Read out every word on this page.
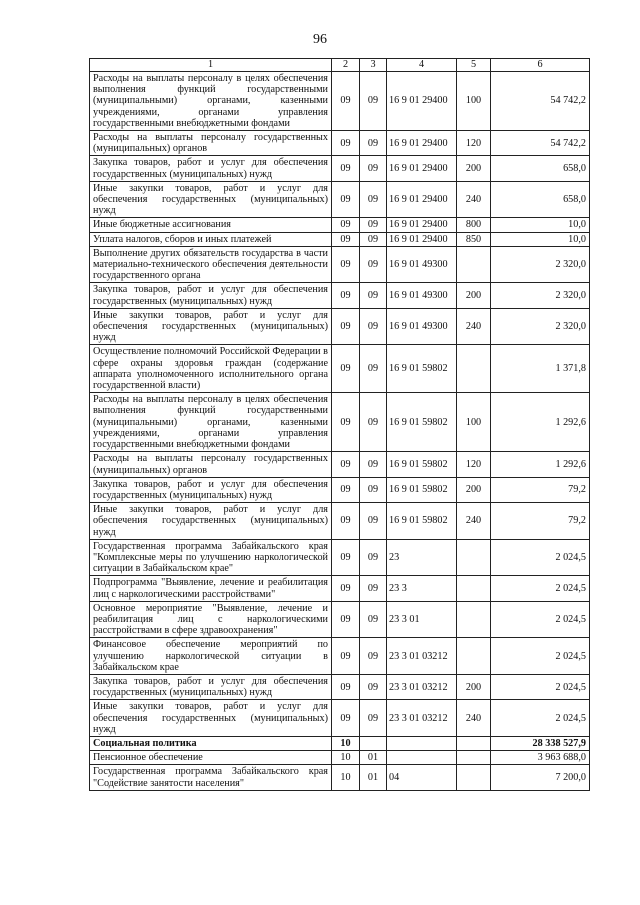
96
1	2	3	4	5	6
Расходы на выплаты персоналу в целях обеспечения выполнения функций государственными (муниципальными) органами, казенными учреждениями, органами управления государственными внебюджетными фондами	09	09	16 9 01 29400	100	54 742,2
Расходы на выплаты персоналу государственных (муниципальных) органов	09	09	16 9 01 29400	120	54 742,2
Закупка товаров, работ и услуг для обеспечения государственных (муниципальных) нужд	09	09	16 9 01 29400	200	658,0
Иные закупки товаров, работ и услуг для обеспечения государственных (муниципальных) нужд	09	09	16 9 01 29400	240	658,0
Иные бюджетные ассигнования	09	09	16 9 01 29400	800	10,0
Уплата налогов, сборов и иных платежей	09	09	16 9 01 29400	850	10,0
Выполнение других обязательств государства в части материально-технического обеспечения деятельности государственного органа	09	09	16 9 01 49300		2 320,0
Закупка товаров, работ и услуг для обеспечения государственных (муниципальных) нужд	09	09	16 9 01 49300	200	2 320,0
Иные закупки товаров, работ и услуг для обеспечения государственных (муниципальных) нужд	09	09	16 9 01 49300	240	2 320,0
Осуществление полномочий Российской Федерации в сфере охраны здоровья граждан (содержание аппарата уполномоченного исполнительного органа государственной власти)	09	09	16 9 01 59802		1 371,8
Расходы на выплаты персоналу в целях обеспечения выполнения функций государственными (муниципальными) органами, казенными учреждениями, органами управления государственными внебюджетными фондами	09	09	16 9 01 59802	100	1 292,6
Расходы на выплаты персоналу государственных (муниципальных) органов	09	09	16 9 01 59802	120	1 292,6
Закупка товаров, работ и услуг для обеспечения государственных (муниципальных) нужд	09	09	16 9 01 59802	200	79,2
Иные закупки товаров, работ и услуг для обеспечения государственных (муниципальных) нужд	09	09	16 9 01 59802	240	79,2
Государственная программа Забайкальского края "Комплексные меры по улучшению наркологической ситуации в Забайкальском крае"	09	09	23		2 024,5
Подпрограмма "Выявление, лечение и реабилитация лиц с наркологическими расстройствами"	09	09	23 3		2 024,5
Основное мероприятие "Выявление, лечение и реабилитация лиц с наркологическими расстройствами в сфере здравоохранения"	09	09	23 3 01		2 024,5
Финансовое обеспечение мероприятий по улучшению наркологической ситуации в Забайкальском крае	09	09	23 3 01 03212		2 024,5
Закупка товаров, работ и услуг для обеспечения государственных (муниципальных) нужд	09	09	23 3 01 03212	200	2 024,5
Иные закупки товаров, работ и услуг для обеспечения государственных (муниципальных) нужд	09	09	23 3 01 03212	240	2 024,5
Социальная политика	10				28 338 527,9
Пенсионное обеспечение	10	01			3 963 688,0
Государственная программа Забайкальского края "Содействие занятости населения"	10	01	04		7 200,0
